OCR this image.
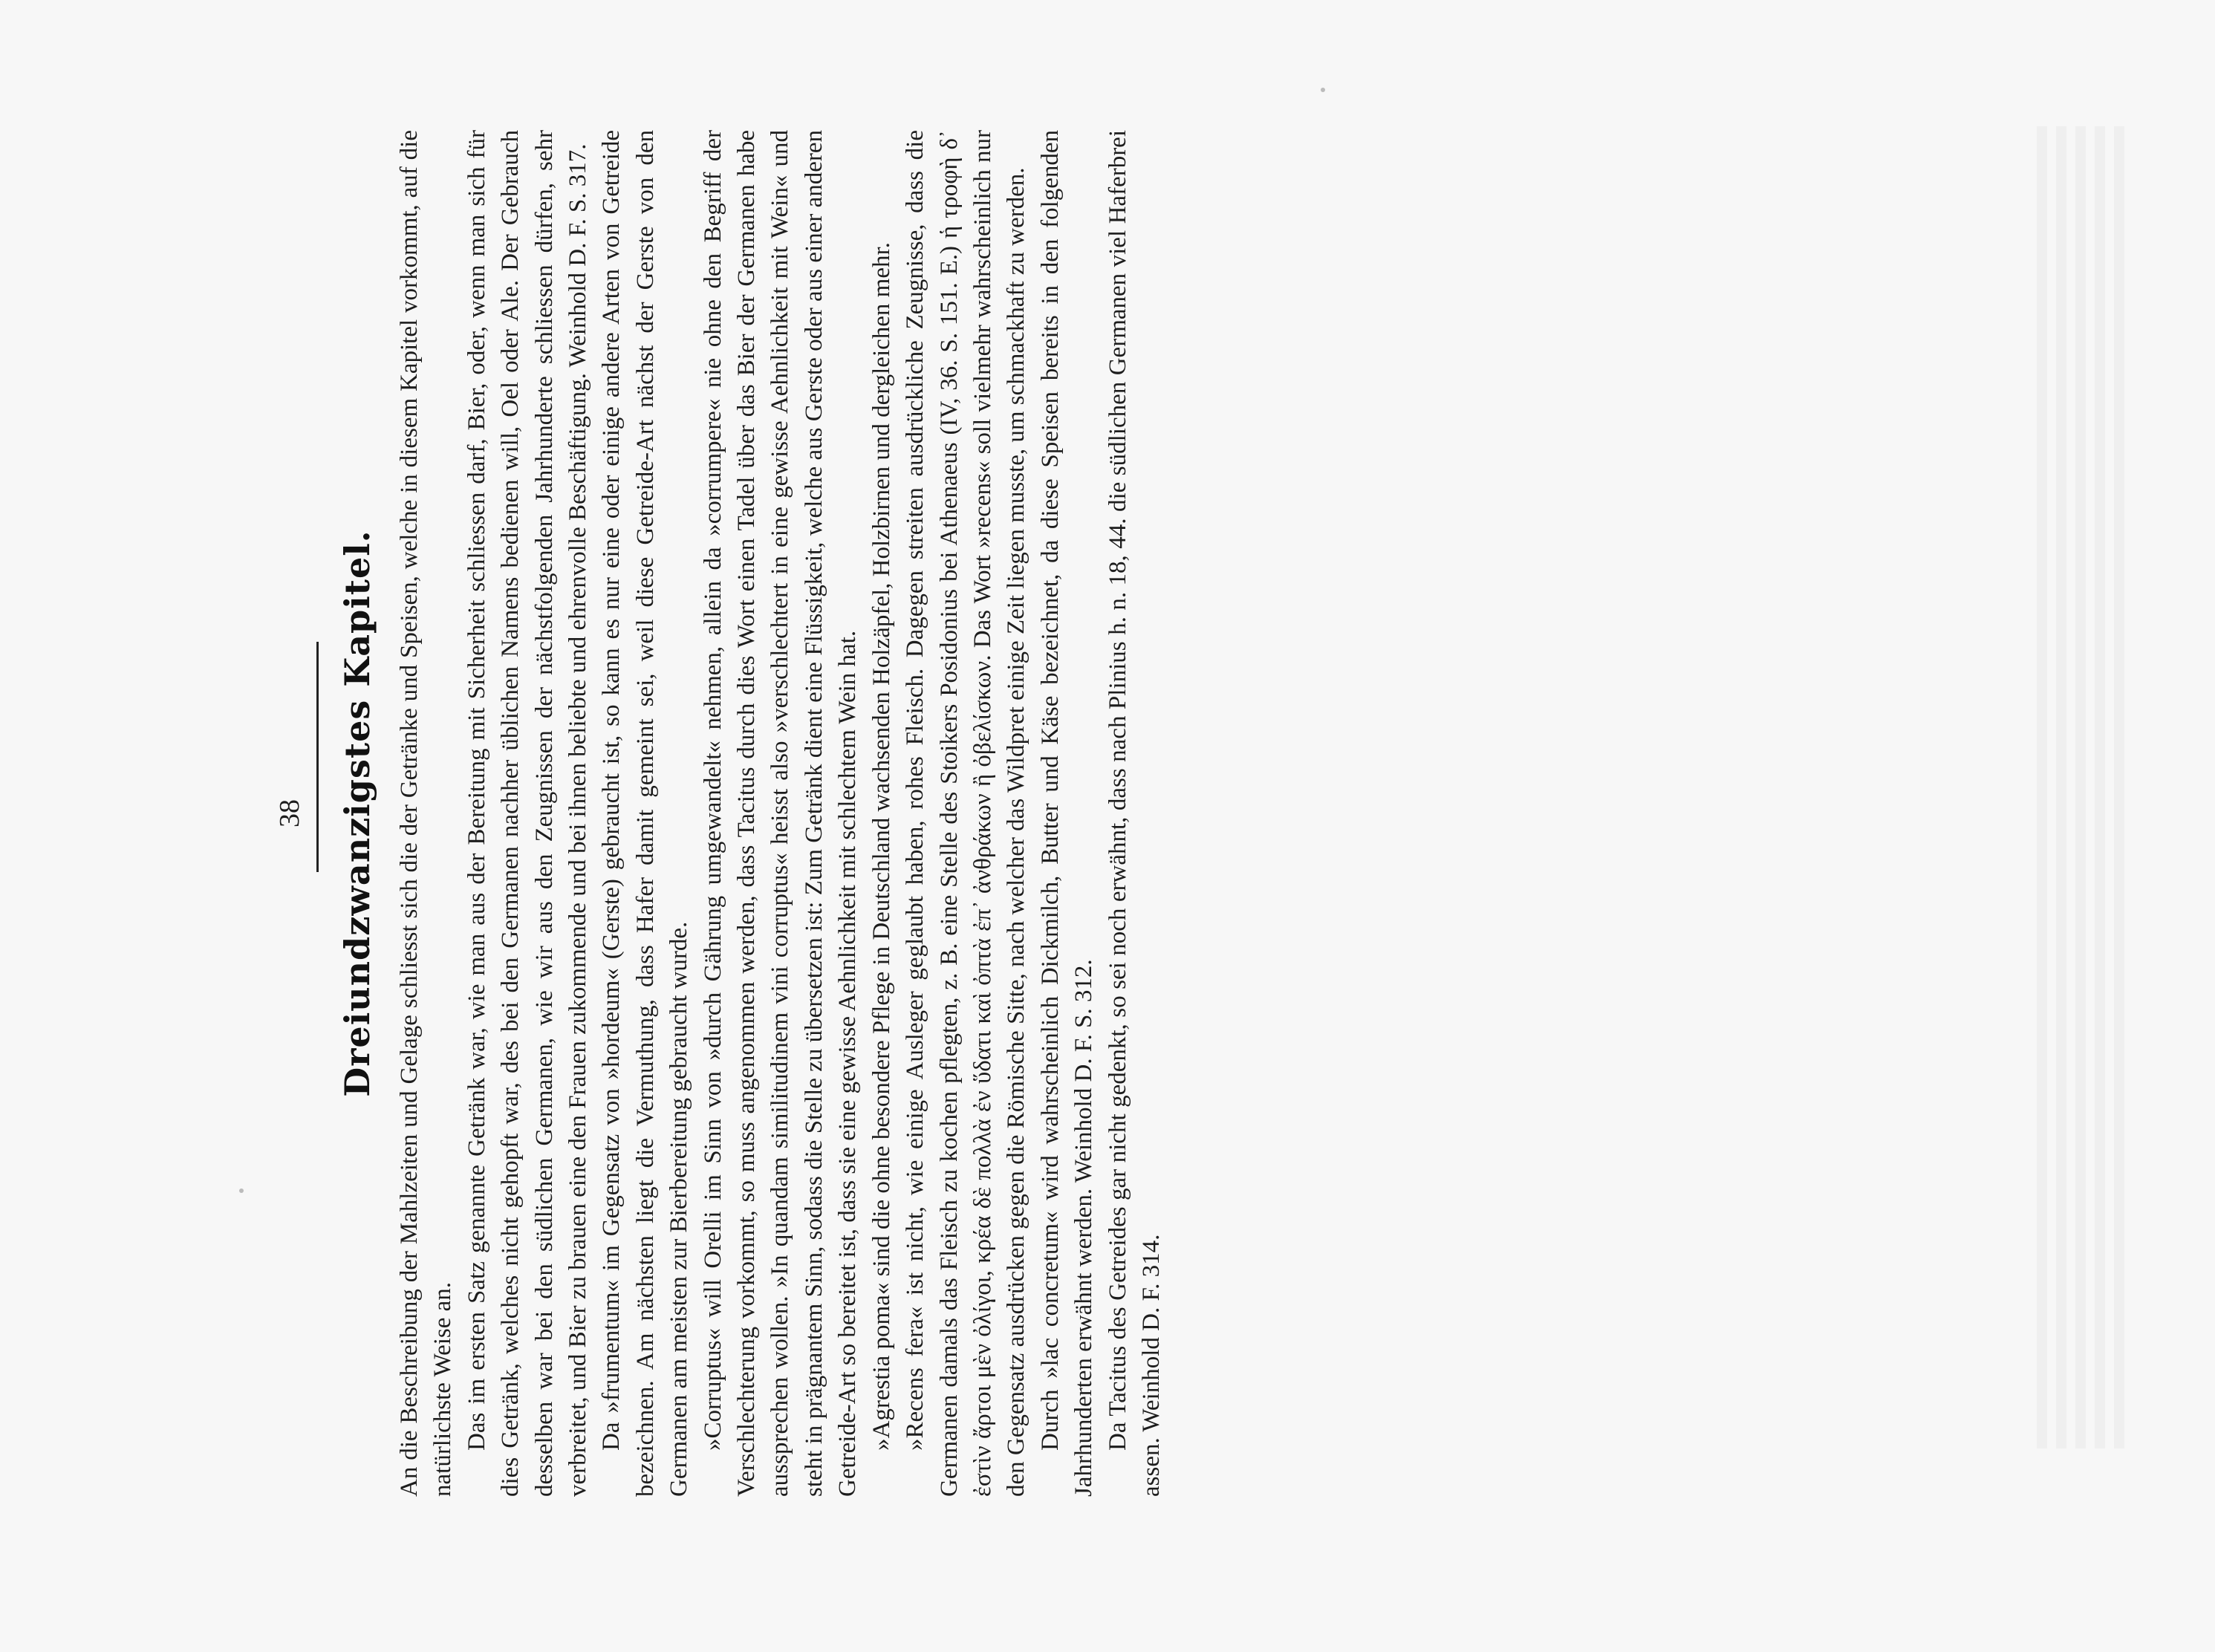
38 Dreiundzwanzigstes Kapitel. An die Beschreibung der Mahlzeiten und Gelage schliesst sich die der Getränke und Speisen, welche in diesem Kapitel vorkommt, auf die natürlichste Weise an. Das im ersten Satz genannte Getränk war, wie man aus der Bereitung mit Sicherheit schliessen darf, Bier, oder, wenn man sich für dies Getränk, welches nicht gehopft war, des bei den Germanen nachher üblichen Namens bedienen will, Oel oder Ale. Der Gebrauch desselben war bei den südlichen Germanen, wie wir aus den Zeugnissen der nächstfolgenden Jahrhunderte schliessen dürfen, sehr verbreitet, und Bier zu brauen eine den Frauen zukommende und bei ihnen beliebte und ehrenvolle Beschäftigung. Weinhold D. F. S. 317. Da »frumentum« im Gegensatz von »hordeum« (Gerste) gebraucht ist, so kann es nur eine oder einige andere Arten von Getreide bezeichnen. Am nächsten liegt die Vermuthung, dass Hafer damit gemeint sei, weil diese Getreide-Art nächst der Gerste von den Germanen am meisten zur Bierbereitung gebraucht wurde. »Corruptus« will Orelli im Sinn von »durch Gährung umgewandelt« nehmen, allein da »corrumpere« nie ohne den Begriff der Verschlechterung vorkommt, so muss angenommen werden, dass Tacitus durch dies Wort einen Tadel über das Bier der Germanen habe aussprechen wollen. »In quandam similitudinem vini corruptus« heisst also »verschlechtert in eine gewisse Aehnlichkeit mit Wein« und steht in prägnantem Sinn, sodass die Stelle zu übersetzen ist: Zum Getränk dient eine Flüssigkeit, welche aus Gerste oder aus einer anderen Getreide-Art so bereitet ist, dass sie eine gewisse Aehnlichkeit mit schlechtem Wein hat. »Agrestia poma« sind die ohne besondere Pflege in Deutschland wachsenden Holzäpfel, Holzbirnen und dergleichen mehr. »Recens fera« ist nicht, wie einige Ausleger geglaubt haben, rohes Fleisch. Dagegen streiten ausdrückliche Zeugnisse, dass die Germanen damals das Fleisch zu kochen pflegten, z. B. eine Stelle des Stoikers Posidonius bei Athenaeus (IV, 36. S. 151. E.) ἡ τροφὴ δ᾽ ἐστὶν ἄρτοι μὲν ὀλίγοι, κρέα δὲ πολλὰ ἐν ὕδατι καὶ ὀπτὰ ἐπ᾽ ἀνθράκων ἢ ὀβελίσκων. Das Wort »recens« soll vielmehr wahrscheinlich nur den Gegensatz ausdrücken gegen die Römische Sitte, nach welcher das Wildpret einige Zeit liegen musste, um schmackhaft zu werden. Durch »lac concretum« wird wahrscheinlich Dickmilch, Butter und Käse bezeichnet, da diese Speisen bereits in den folgenden Jahrhunderten erwähnt werden. Weinhold D. F. S. 312. Da Tacitus des Getreides gar nicht gedenkt, so sei noch erwähnt, dass nach Plinius h. n. 18, 44. die südlichen Germanen viel Haferbrei assen. Weinhold D. F. 314.
